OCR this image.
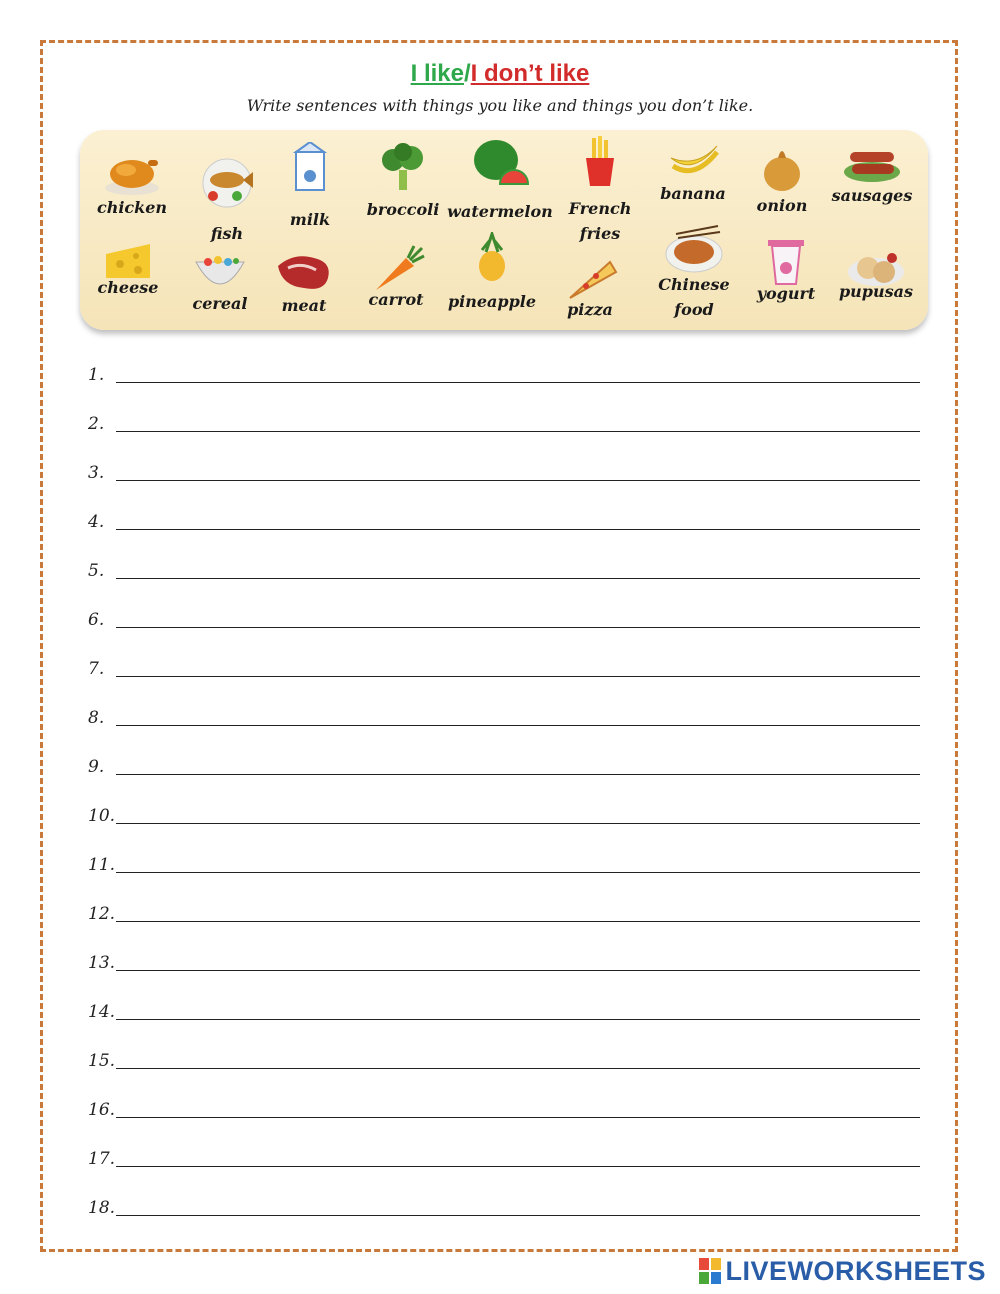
I like/I don’t like
Write sentences with things you like and things you don’t like.
chicken
fish
milk
broccoli watermelon French
fries
banana
onion
sausages
cheese
cereal	meat	carrot	pineapple	pizza
Chinese
food
yogurt	pupusas
1.
2.
3.
4.
5.
6.
7.
8.
9.
10.
11.
12.
13.
14.
15.
16.
17.
18.
LIVEWORKSHEETS
